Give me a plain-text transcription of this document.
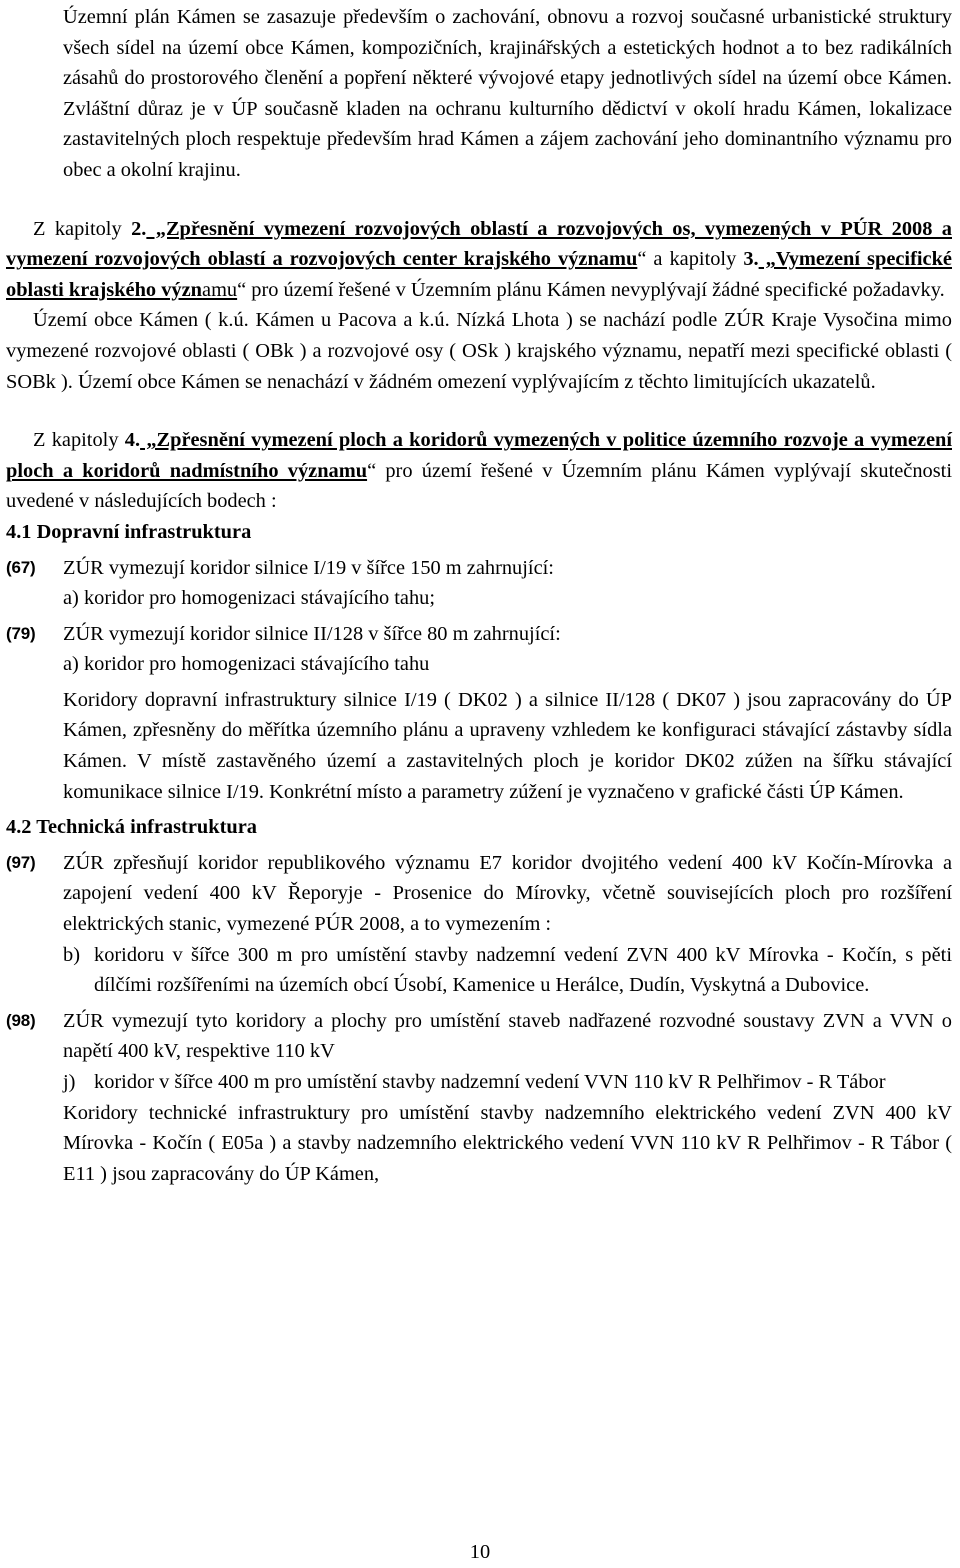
Územní plán Kámen se zasazuje především o zachování, obnovu a rozvoj současné urbanistické struktury všech sídel na území obce Kámen, kompozičních, krajinářských a estetických hodnot a to bez radikálních zásahů do prostorového členění a popření některé vývojové etapy jednotlivých sídel na území obce Kámen. Zvláštní důraz je v ÚP současně kladen na ochranu kulturního dědictví v okolí hradu Kámen, lokalizace zastavitelných ploch respektuje především hrad Kámen a zájem zachování jeho dominantního významu pro obec a okolní krajinu.

Z kapitoly 2. „Zpřesnění vymezení rozvojových oblastí a rozvojových os, vymezených v PÚR 2008 a vymezení rozvojových oblastí a rozvojových center krajského významu“ a kapitoly 3. „Vymezení specifické oblasti krajského významu“ pro území řešené v Územním plánu Kámen nevyplývají žádné specifické požadavky.

Území obce Kámen ( k.ú. Kámen u Pacova a k.ú. Nízká Lhota ) se nachází podle ZÚR Kraje Vysočina mimo vymezené rozvojové oblasti ( OBk ) a rozvojové osy ( OSk ) krajského významu, nepatří mezi specifické oblasti ( SOBk ). Území obce Kámen se nenachází v žádném omezení vyplývajícím z těchto limitujících ukazatelů.

Z kapitoly 4. „Zpřesnění vymezení ploch a koridorů vymezených v politice územního rozvoje a vymezení ploch a koridorů nadmístního významu“ pro území řešené v Územním plánu Kámen vyplývají skutečnosti uvedené v následujících bodech :

4.1 Dopravní infrastruktura

(67)	ZÚR vymezují koridor silnice I/19 v šířce 150 m zahrnující:

a) koridor pro homogenizaci stávajícího tahu;

(79)	ZÚR vymezují koridor silnice II/128 v šířce 80 m zahrnující:

a) koridor pro homogenizaci stávajícího tahu

Koridory dopravní infrastruktury silnice I/19 ( DK02 ) a silnice II/128 ( DK07 ) jsou zapracovány do ÚP Kámen, zpřesněny do měřítka územního plánu a upraveny vzhledem ke konfiguraci stávající zástavby sídla Kámen. V místě zastavěného území a zastavitelných ploch je koridor DK02 zúžen na šířku stávající komunikace silnice I/19. Konkrétní místo a parametry zúžení je vyznačeno v grafické části ÚP Kámen.

4.2 Technická infrastruktura

(97)	ZÚR zpřesňují koridor republikového významu E7 koridor dvojitého vedení 400 kV Kočín-Mírovka a zapojení vedení 400 kV Řeporyje - Prosenice do Mírovky, včetně souvisejících ploch pro rozšíření elektrických stanic, vymezené PÚR 2008, a to vymezením :

b) koridoru v šířce 300 m pro umístění stavby nadzemní vedení ZVN 400 kV Mírovka - Kočín, s pěti dílčími rozšířeními na územích obcí Úsobí, Kamenice u Herálce, Dudín, Vyskytná a Dubovice.

(98)	ZÚR vymezují tyto koridory a plochy pro umístění staveb nadřazené rozvodné soustavy ZVN a VVN o napětí 400 kV, respektive 110 kV

j) koridor v šířce 400 m pro umístění stavby nadzemní vedení VVN 110 kV R Pelhřimov - R Tábor

Koridory technické infrastruktury pro umístění stavby nadzemního elektrického vedení ZVN 400 kV Mírovka - Kočín ( E05a ) a stavby nadzemního elektrického vedení VVN 110 kV R Pelhřimov - R Tábor ( E11 ) jsou zapracovány do ÚP Kámen,

10
